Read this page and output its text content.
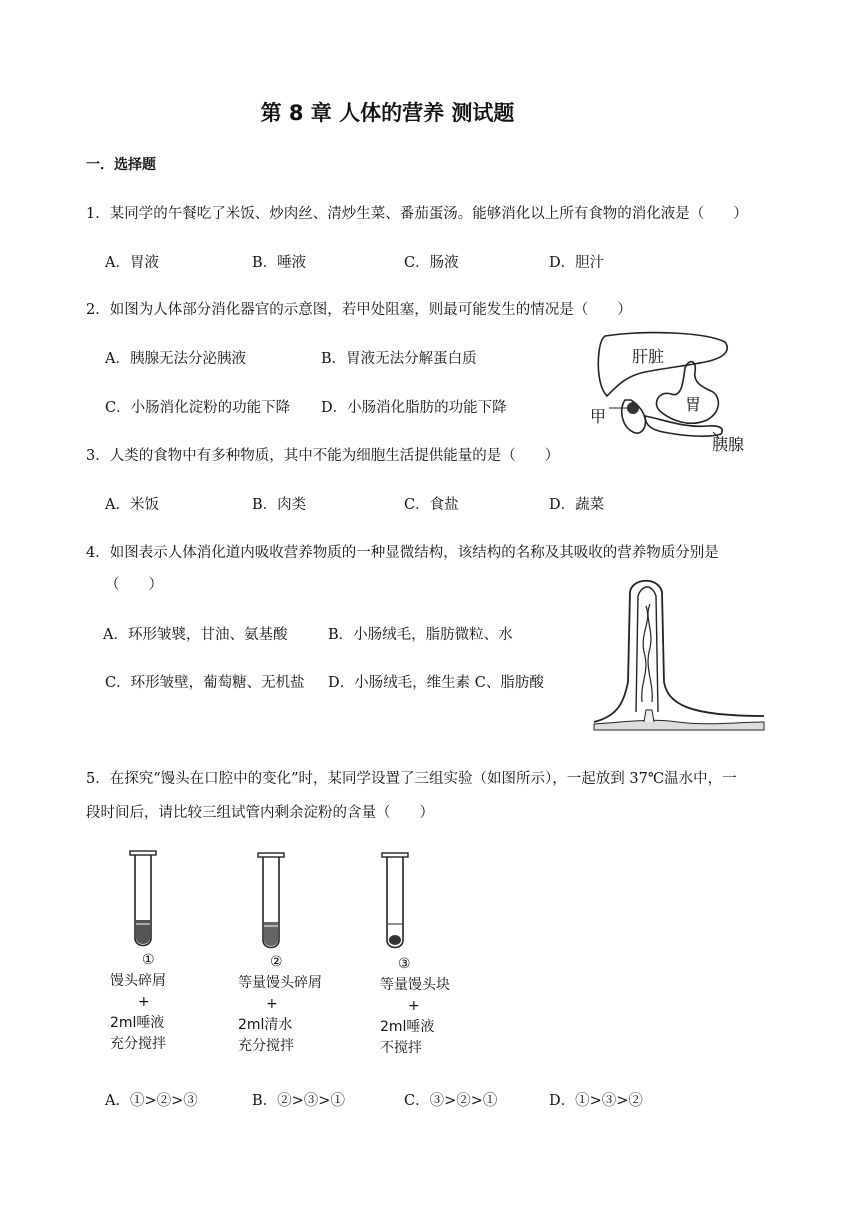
第 8 章 人体的营养 测试题
一．选择题
1．某同学的午餐吃了米饭、炒肉丝、清炒生菜、番茄蛋汤。能够消化以上所有食物的消化液是（　　）
A．胃液	B．唾液	C．肠液	D．胆汁
2．如图为人体部分消化器官的示意图，若甲处阻塞，则最可能发生的情况是（　　）
A．胰腺无法分泌胰液	B．胃液无法分解蛋白质
C．小肠消化淀粉的功能下降 D．小肠消化脂肪的功能下降
肝脏
胃
甲
胰腺
3．人类的食物中有多种物质，其中不能为细胞生活提供能量的是（　　）
A．米饭	B．肉类	C．食盐	D．蔬菜
4．如图表示人体消化道内吸收营养物质的一种显微结构，该结构的名称及其吸收的营养物质分别是
（　　）
A．环形皱襞，甘油、氨基酸	B．小肠绒毛，脂肪微粒、水
C．环形皱壁，葡萄糖、无机盐 D．小肠绒毛，维生素 C、脂肪酸
5．在探究“馒头在口腔中的变化”时，某同学设置了三组实验（如图所示），一起放到 37℃温水中，一
段时间后，请比较三组试管内剩余淀粉的含量（　　）
①
馒头碎屑
+
2ml唾液
充分搅拌
②
等量馒头碎屑
+
2ml清水
充分搅拌
③
等量馒头块
+
2ml唾液
不搅拌
A．①>②>③	B．②>③>①	C．③>②>①	D．①>③>②
